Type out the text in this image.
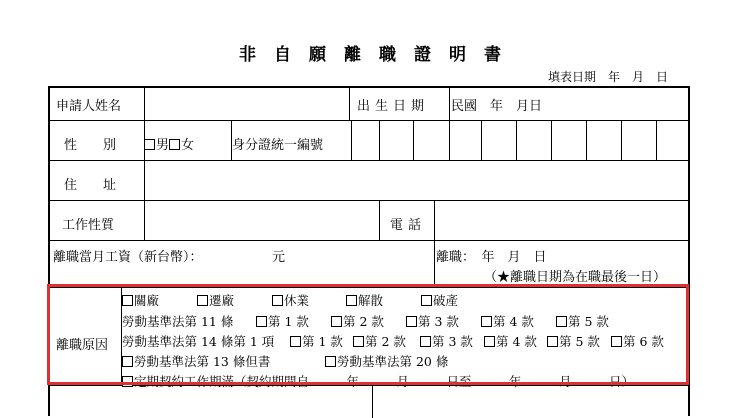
非自願離職證明書
填表日期　年　月　日
申請人姓名	出生日期 民國　年　月日
性　　別	男 女	身分證統一編號
住　　址
工作性質	電話
離職當月工資（新台幣）：	元	離職：　年　月　日
（★離職日期為在職最後一日）
離職原因
關廠	遷廠	休業	解散	破產
勞動基準法第 11 條	第 1 款	第 2 款	第 3 款	第 4 款	第 5 款
勞動基準法第 14 條第 1 項	第 1 款	第 2 款	第 3 款	第 4 款	第 5 款	第 6 款
勞動基準法第 13 條但書	勞動基準法第 20 條
定期契約工作期滿（契約期間自　　　年　　　月　　　日至　　　年　　　月　　　日）
